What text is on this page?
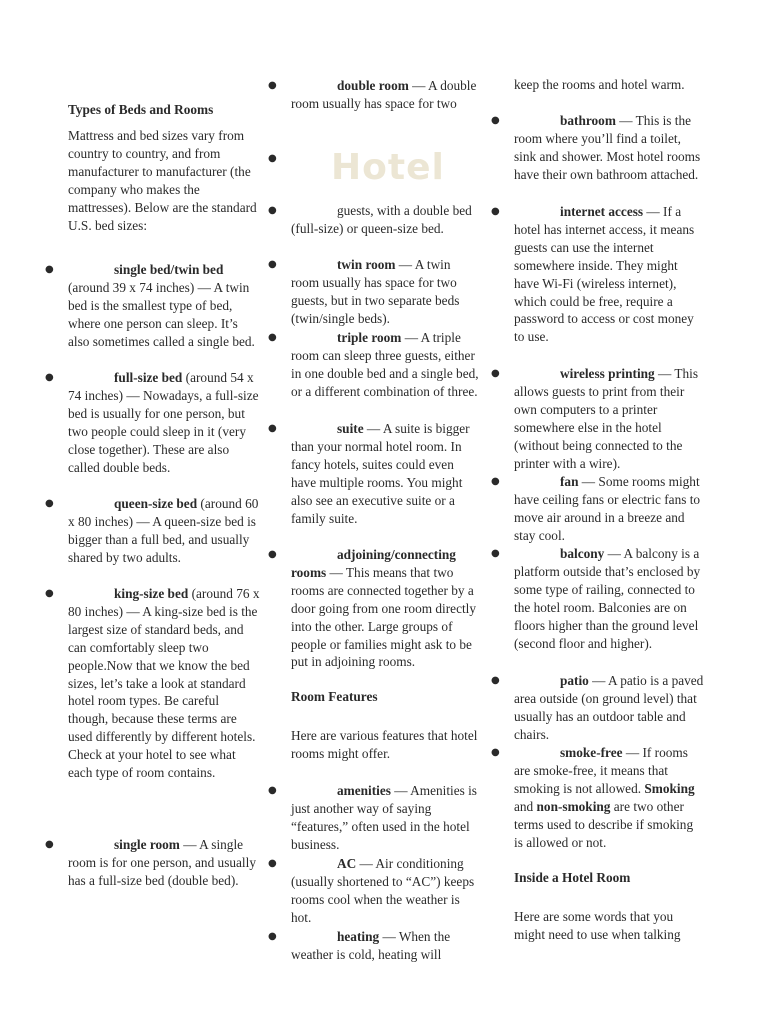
Types of Beds and Rooms

Mattress and bed sizes vary from country to country, and from manufacturer to manufacturer (the company who makes the mattresses). Below are the standard U.S. bed sizes:

●	single bed/twin bed (around 39 x 74 inches) — A twin bed is the smallest type of bed, where one person can sleep. It’s also sometimes called a single bed.
●	full-size bed (around 54 x 74 inches) — Nowadays, a full-size bed is usually for one person, but two people could sleep in it (very close together). These are also called double beds.
●	queen-size bed (around 60 x 80 inches) — A queen-size bed is bigger than a full bed, and usually shared by two adults.
●	king-size bed (around 76 x 80 inches) — A king-size bed is the largest size of standard beds, and can comfortably sleep two people.Now that we know the bed sizes, let’s take a look at standard hotel room types. Be careful though, because these terms are used differently by different hotels. Check at your hotel to see what each type of room contains.
●	single room — A single room is for one person, and usually has a full-size bed (double bed).
●	double room — A double room usually has space for two
● Hotel
●	guests, with a double bed (full-size) or queen-size bed.
●	twin room — A twin room usually has space for two guests, but in two separate beds (twin/single beds).
●	triple room — A triple room can sleep three guests, either in one double bed and a single bed, or a different combination of three.
●	suite — A suite is bigger than your normal hotel room. In fancy hotels, suites could even have multiple rooms. You might also see an executive suite or a family suite.
●	adjoining/connecting rooms — This means that two rooms are connected together by a door going from one room directly into the other. Large groups of people or families might ask to be put in adjoining rooms.
Room Features

Here are various features that hotel rooms might offer.

●	amenities — Amenities is just another way of saying “features,” often used in the hotel business.
●	AC — Air conditioning (usually shortened to “AC”) keeps rooms cool when the weather is hot.
●	heating — When the weather is cold, heating will

keep the rooms and hotel warm.

●	bathroom — This is the room where you’ll find a toilet, sink and shower. Most hotel rooms have their own bathroom attached.
●	internet access — If a hotel has internet access, it means guests can use the internet somewhere inside. They might have Wi-Fi (wireless internet), which could be free, require a password to access or cost money to use.
●	wireless printing — This allows guests to print from their own computers to a printer somewhere else in the hotel (without being connected to the printer with a wire).
●	fan — Some rooms might have ceiling fans or electric fans to move air around in a breeze and stay cool.
●	balcony — A balcony is a platform outside that’s enclosed by some type of railing, connected to the hotel room. Balconies are on floors higher than the ground level (second floor and higher).
●	patio — A patio is a paved area outside (on ground level) that usually has an outdoor table and chairs.
●	smoke-free — If rooms are smoke-free, it means that smoking is not allowed. Smoking and non-smoking are two other terms used to describe if smoking is allowed or not.
Inside a Hotel Room

Here are some words that you might need to use when talking
